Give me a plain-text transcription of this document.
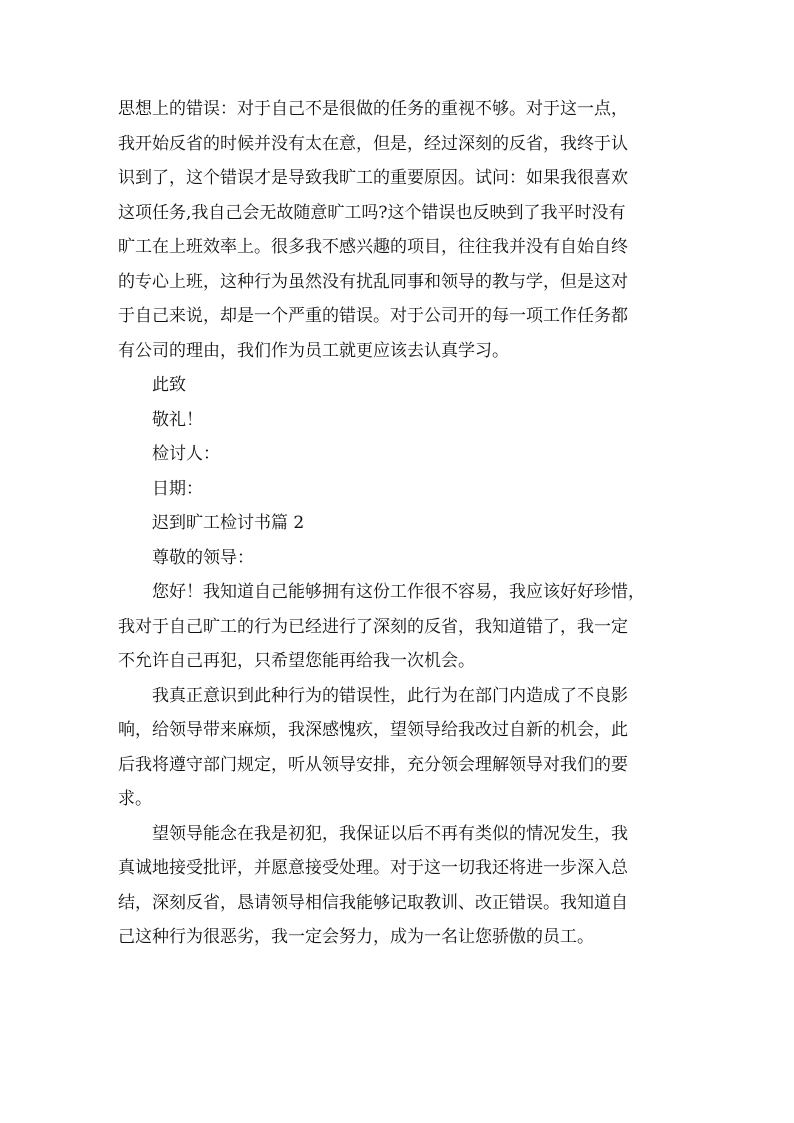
思想上的错误：对于自己不是很做的任务的重视不够。对于这一点，
我开始反省的时候并没有太在意，但是，经过深刻的反省，我终于认
识到了，这个错误才是导致我旷工的重要原因。试问：如果我很喜欢
这项任务,我自己会无故随意旷工吗?这个错误也反映到了我平时没有
旷工在上班效率上。很多我不感兴趣的项目，往往我并没有自始自终
的专心上班，这种行为虽然没有扰乱同事和领导的教与学，但是这对
于自己来说，却是一个严重的错误。对于公司开的每一项工作任务都
有公司的理由，我们作为员工就更应该去认真学习。
此致
敬礼！
检讨人：
日期：
迟到旷工检讨书篇 2
尊敬的领导：
您好！我知道自己能够拥有这份工作很不容易，我应该好好珍惜，
我对于自己旷工的行为已经进行了深刻的反省，我知道错了，我一定
不允许自己再犯，只希望您能再给我一次机会。
我真正意识到此种行为的错误性，此行为在部门内造成了不良影
响，给领导带来麻烦，我深感愧疚，望领导给我改过自新的机会，此
后我将遵守部门规定，听从领导安排，充分领会理解领导对我们的要
求。
望领导能念在我是初犯，我保证以后不再有类似的情况发生，我
真诚地接受批评，并愿意接受处理。对于这一切我还将进一步深入总
结，深刻反省，恳请领导相信我能够记取教训、改正错误。我知道自
己这种行为很恶劣，我一定会努力，成为一名让您骄傲的员工。
